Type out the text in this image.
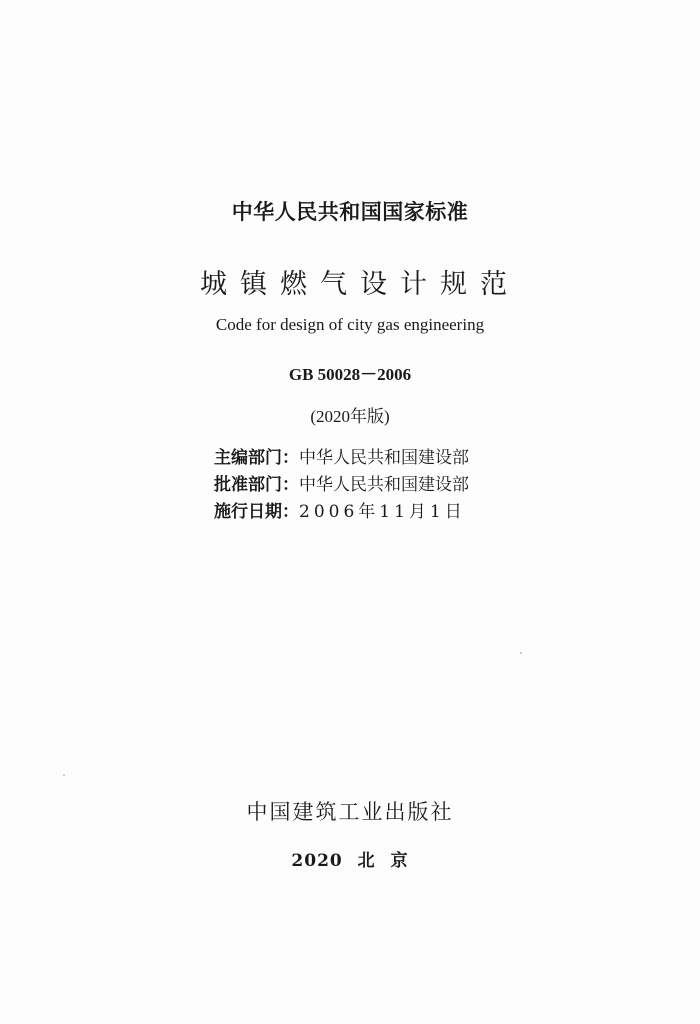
中华人民共和国国家标准
城镇燃气设计规范
Code for design of city gas engineering
GB 50028－2006
(2020年版)
主编部门：中华人民共和国建设部
批准部门：中华人民共和国建设部
施行日期：2006年11月1日
中国建筑工业出版社
2020 北 京
